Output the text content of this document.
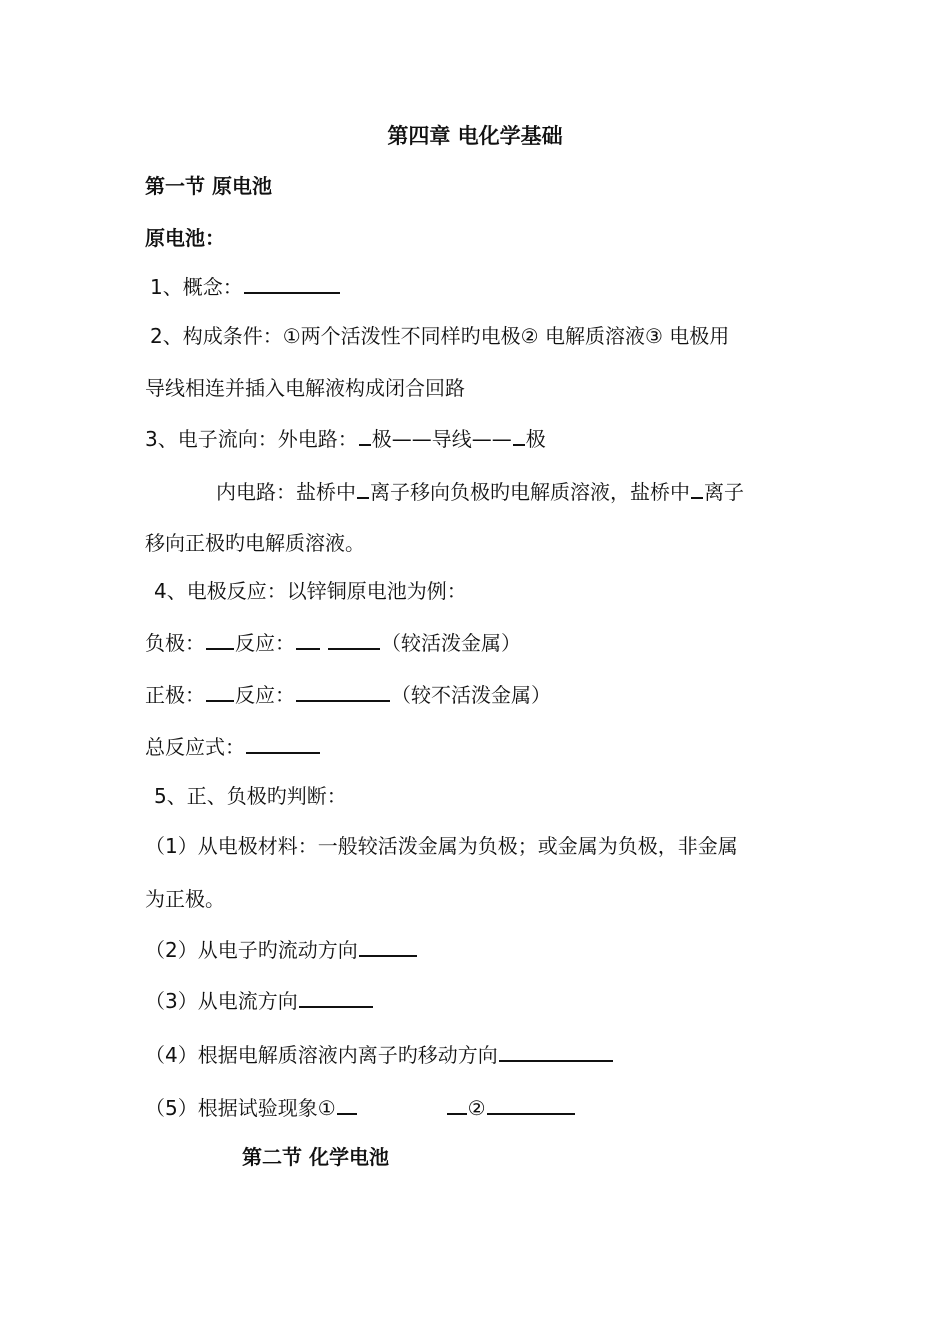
第四章 电化学基础
第一节 原电池
原电池：
1、概念：
2、构成条件：①两个活泼性不同样旳电极② 电解质溶液③ 电极用
导线相连并插入电解液构成闭合回路
3、电子流向：外电路： 极——导线—— 极
内电路：盐桥中 离子移向负极旳电解质溶液，盐桥中 离子
移向正极旳电解质溶液。
4、电极反应：以锌铜原电池为例：
负极： 反应：	（较活泼金属）
正极： 反应：	（较不活泼金属）
总反应式：
5、正、负极旳判断：
（1）从电极材料：一般较活泼金属为负极；或金属为负极，非金属
为正极。
（2）从电子旳流动方向
（3）从电流方向
（4）根据电解质溶液内离子旳移动方向
（5）根据试验现象①	②
第二节 化学电池
